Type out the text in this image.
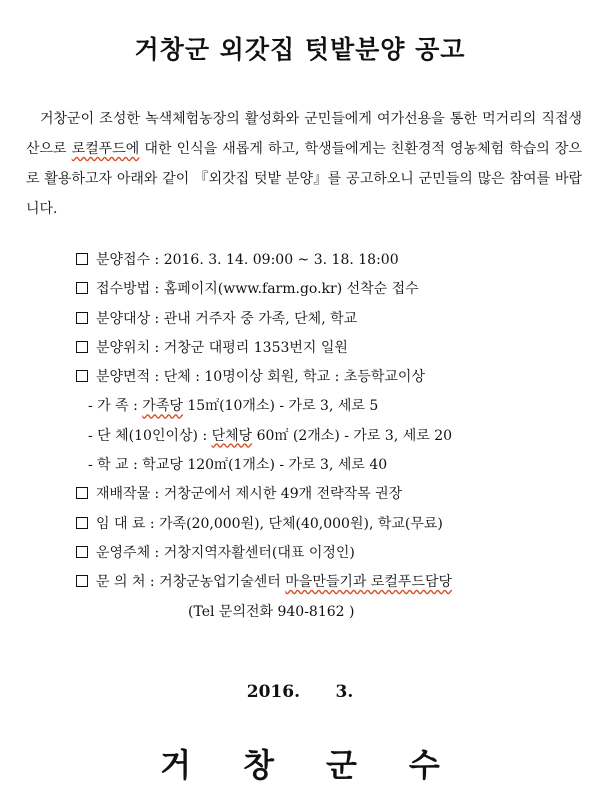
거창군 외갓집 텃밭분양 공고

거창군이 조성한 녹색체험농장의 활성화와 군민들에게 여가선용을 통한 먹거리의 직접생산으로 로컬푸드에 대한 인식을 새롭게 하고, 학생들에게는 친환경적 영농체험 학습의 장으로 활용하고자 아래와 같이 『외갓집 텃밭 분양』를 공고하오니 군민들의 많은 참여를 바랍니다.

분양접수 : 2016. 3. 14. 09:00 ~ 3. 18. 18:00
접수방법 : 홈페이지(www.farm.go.kr) 선착순 접수
분양대상 : 관내 거주자 중 가족, 단체, 학교
분양위치 : 거창군 대평리 1353번지 일원
분양면적 : 단체 : 10명이상 회원, 학교 : 초등학교이상
- 가 족 : 가족당 15㎡(10개소) - 가로 3, 세로 5
- 단 체(10인이상) : 단체당 60㎡ (2개소) - 가로 3, 세로 20
- 학 교 : 학교당 120㎡(1개소) - 가로 3, 세로 40
재배작물 : 거창군에서 제시한 49개 전략작목 권장
임 대 료 : 가족(20,000원), 단체(40,000원), 학교(무료)
운영주체 : 거창지역자활센터(대표 이정인)
문 의 처 : 거창군농업기술센터 마을만들기과 로컬푸드담당
(Tel 문의전화 940-8162 )
2016.      3.
거창군수
